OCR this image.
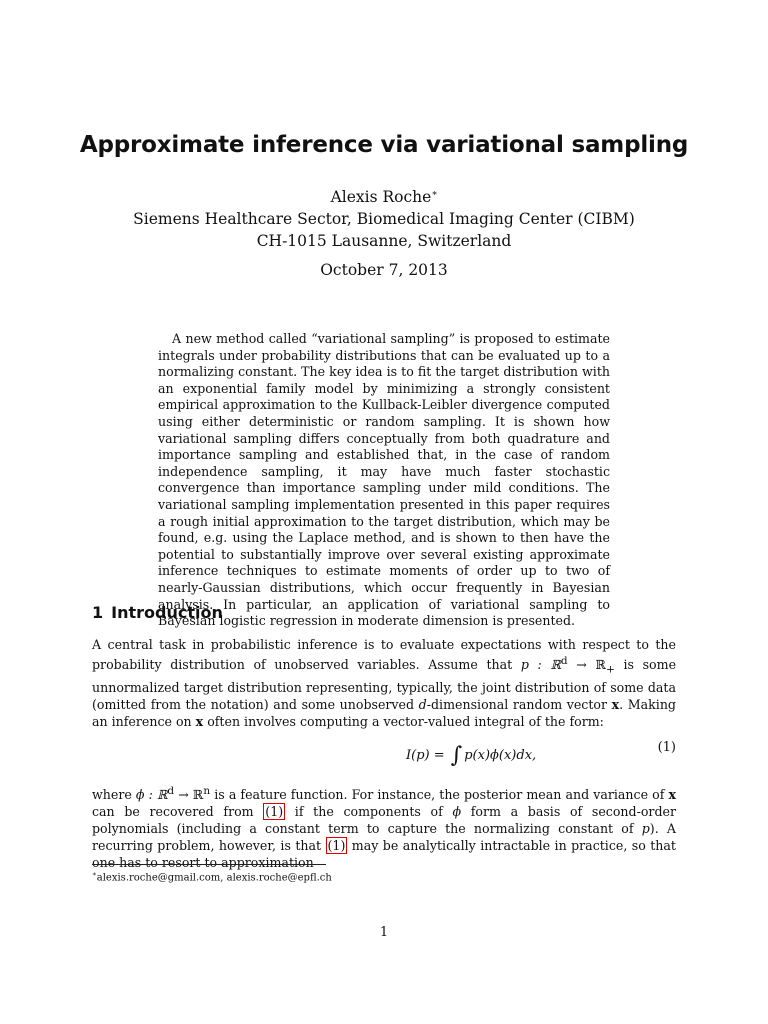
Approximate inference via variational sampling
Alexis Roche∗
Siemens Healthcare Sector, Biomedical Imaging Center (CIBM)
CH-1015 Lausanne, Switzerland
October 7, 2013
A new method called “variational sampling” is proposed to estimate integrals under probability distributions that can be evaluated up to a normalizing constant. The key idea is to fit the target distribution with an exponential family model by minimizing a strongly consistent empirical approximation to the Kullback-Leibler divergence computed using either deterministic or random sampling. It is shown how variational sampling differs conceptually from both quadrature and importance sampling and established that, in the case of random independence sampling, it may have much faster stochastic convergence than importance sampling under mild conditions. The variational sampling implementation presented in this paper requires a rough initial approximation to the target distribution, which may be found, e.g. using the Laplace method, and is shown to then have the potential to substantially improve over several existing approximate inference techniques to estimate moments of order up to two of nearly-Gaussian distributions, which occur frequently in Bayesian analysis. In particular, an application of variational sampling to Bayesian logistic regression in moderate dimension is presented.
1 Introduction
A central task in probabilistic inference is to evaluate expectations with respect to the probability distribution of unobserved variables. Assume that p : ℝ$^d$ → ℝ$_+$ is some unnormalized target distribution representing, typically, the joint distribution of some data (omitted from the notation) and some unobserved d-dimensional random vector x. Making an inference on x often involves computing a vector-valued integral of the form:
I(p) = ∫ p(x)ϕ(x)dx,
(1)
where ϕ : ℝ$^d$ → ℝ$^n$ is a feature function. For instance, the posterior mean and variance of x can be recovered from (1) if the components of ϕ form a basis of second-order polynomials (including a constant term to capture the normalizing constant of p). A recurring problem, however, is that (1) may be analytically intractable in practice, so that one has to resort to approximation
∗alexis.roche@gmail.com, alexis.roche@epfl.ch
1
